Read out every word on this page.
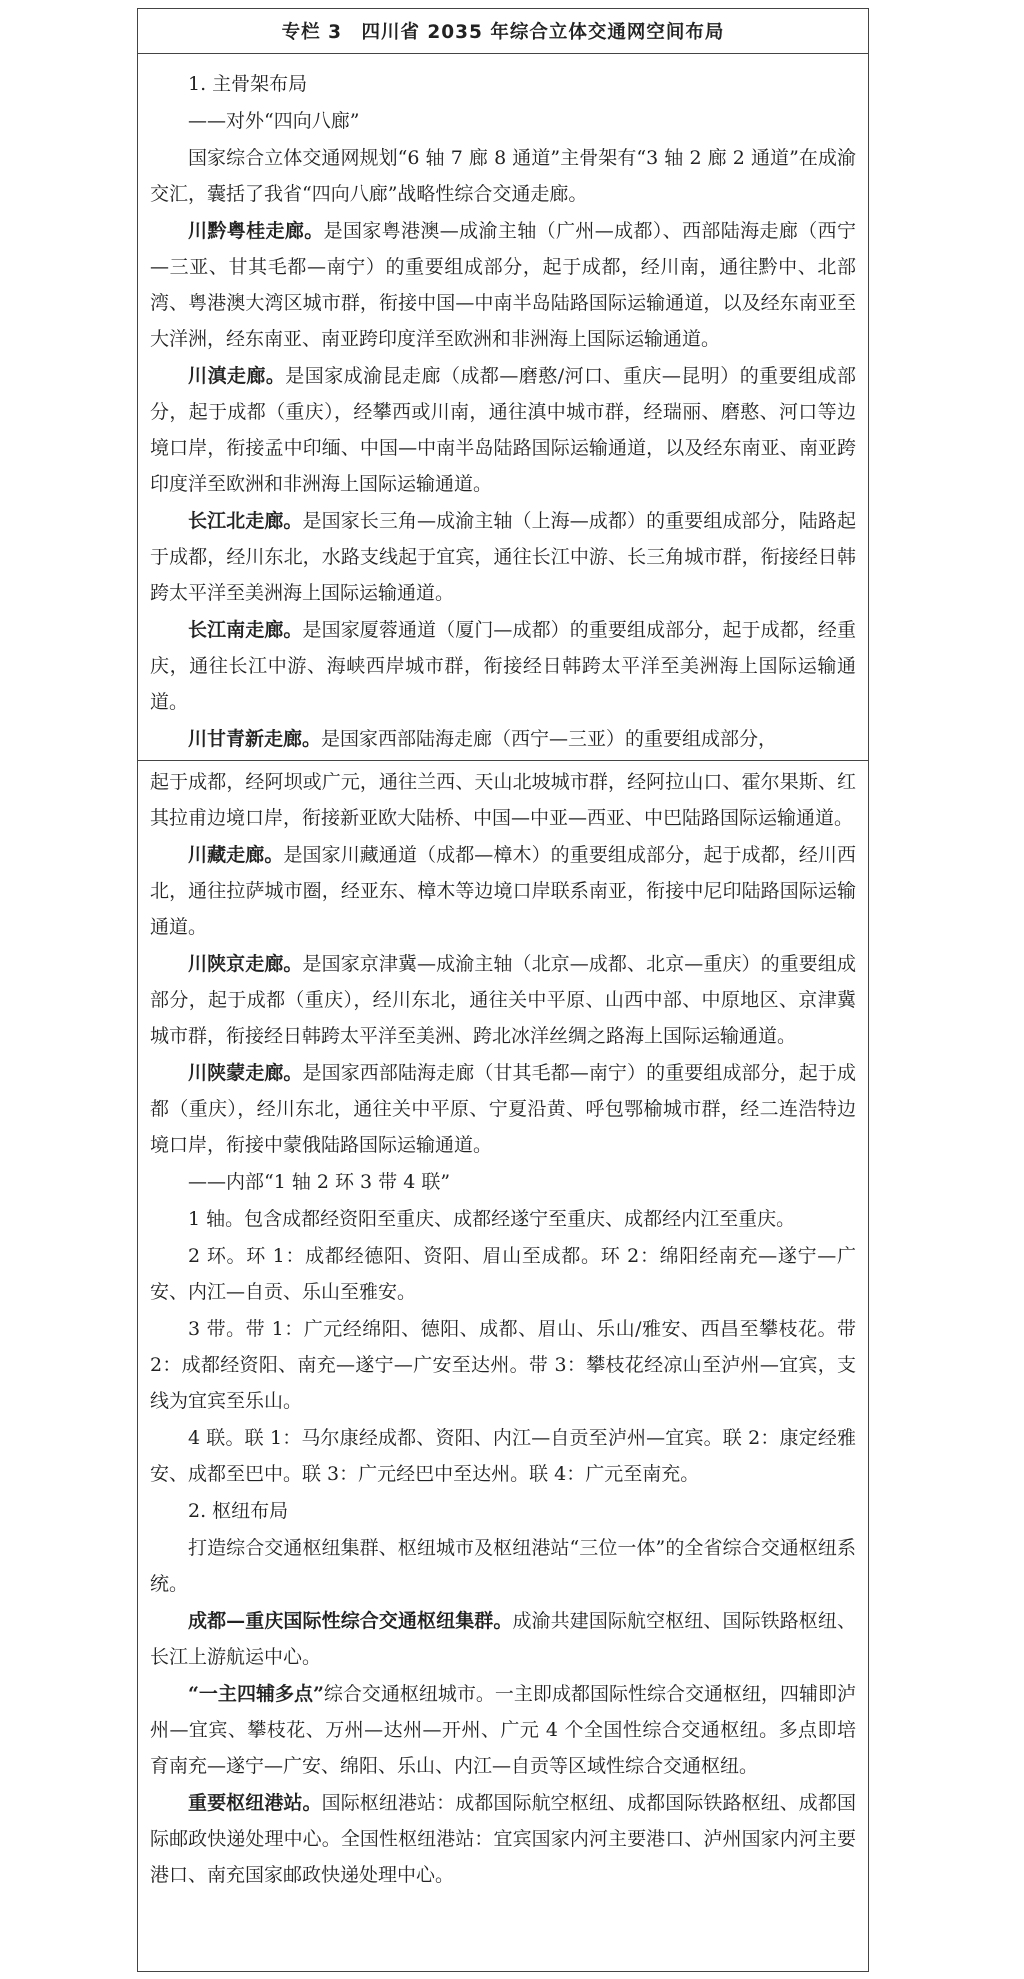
专栏 3　四川省 2035 年综合立体交通网空间布局

1. 主骨架布局

——对外“四向八廊”

国家综合立体交通网规划“6 轴 7 廊 8 通道”主骨架有“3 轴 2 廊 2 通道”在成渝交汇，囊括了我省“四向八廊”战略性综合交通走廊。

川黔粤桂走廊。是国家粤港澳—成渝主轴（广州—成都）、西部陆海走廊（西宁—三亚、甘其毛都—南宁）的重要组成部分，起于成都，经川南，通往黔中、北部湾、粤港澳大湾区城市群，衔接中国—中南半岛陆路国际运输通道，以及经东南亚至大洋洲，经东南亚、南亚跨印度洋至欧洲和非洲海上国际运输通道。

川滇走廊。是国家成渝昆走廊（成都—磨憨/河口、重庆—昆明）的重要组成部分，起于成都（重庆），经攀西或川南，通往滇中城市群，经瑞丽、磨憨、河口等边境口岸，衔接孟中印缅、中国—中南半岛陆路国际运输通道，以及经东南亚、南亚跨印度洋至欧洲和非洲海上国际运输通道。

长江北走廊。是国家长三角—成渝主轴（上海—成都）的重要组成部分，陆路起于成都，经川东北，水路支线起于宜宾，通往长江中游、长三角城市群，衔接经日韩跨太平洋至美洲海上国际运输通道。

长江南走廊。是国家厦蓉通道（厦门—成都）的重要组成部分，起于成都，经重庆，通往长江中游、海峡西岸城市群，衔接经日韩跨太平洋至美洲海上国际运输通道。

川甘青新走廊。是国家西部陆海走廊（西宁—三亚）的重要组成部分，

起于成都，经阿坝或广元，通往兰西、天山北坡城市群，经阿拉山口、霍尔果斯、红其拉甫边境口岸，衔接新亚欧大陆桥、中国—中亚—西亚、中巴陆路国际运输通道。

川藏走廊。是国家川藏通道（成都—樟木）的重要组成部分，起于成都，经川西北，通往拉萨城市圈，经亚东、樟木等边境口岸联系南亚，衔接中尼印陆路国际运输通道。

川陕京走廊。是国家京津冀—成渝主轴（北京—成都、北京—重庆）的重要组成部分，起于成都（重庆），经川东北，通往关中平原、山西中部、中原地区、京津冀城市群，衔接经日韩跨太平洋至美洲、跨北冰洋丝绸之路海上国际运输通道。

川陕蒙走廊。是国家西部陆海走廊（甘其毛都—南宁）的重要组成部分，起于成都（重庆），经川东北，通往关中平原、宁夏沿黄、呼包鄂榆城市群，经二连浩特边境口岸，衔接中蒙俄陆路国际运输通道。

——内部“1 轴 2 环 3 带 4 联”

1 轴。包含成都经资阳至重庆、成都经遂宁至重庆、成都经内江至重庆。

2 环。环 1：成都经德阳、资阳、眉山至成都。环 2：绵阳经南充—遂宁—广安、内江—自贡、乐山至雅安。

3 带。带 1：广元经绵阳、德阳、成都、眉山、乐山/雅安、西昌至攀枝花。带 2：成都经资阳、南充—遂宁—广安至达州。带 3：攀枝花经凉山至泸州—宜宾，支线为宜宾至乐山。

4 联。联 1：马尔康经成都、资阳、内江—自贡至泸州—宜宾。联 2：康定经雅安、成都至巴中。联 3：广元经巴中至达州。联 4：广元至南充。

2. 枢纽布局

打造综合交通枢纽集群、枢纽城市及枢纽港站“三位一体”的全省综合交通枢纽系统。

成都—重庆国际性综合交通枢纽集群。成渝共建国际航空枢纽、国际铁路枢纽、长江上游航运中心。

“一主四辅多点”综合交通枢纽城市。一主即成都国际性综合交通枢纽，四辅即泸州—宜宾、攀枝花、万州—达州—开州、广元 4 个全国性综合交通枢纽。多点即培育南充—遂宁—广安、绵阳、乐山、内江—自贡等区域性综合交通枢纽。

重要枢纽港站。国际枢纽港站：成都国际航空枢纽、成都国际铁路枢纽、成都国际邮政快递处理中心。全国性枢纽港站：宜宾国家内河主要港口、泸州国家内河主要港口、南充国家邮政快递处理中心。
